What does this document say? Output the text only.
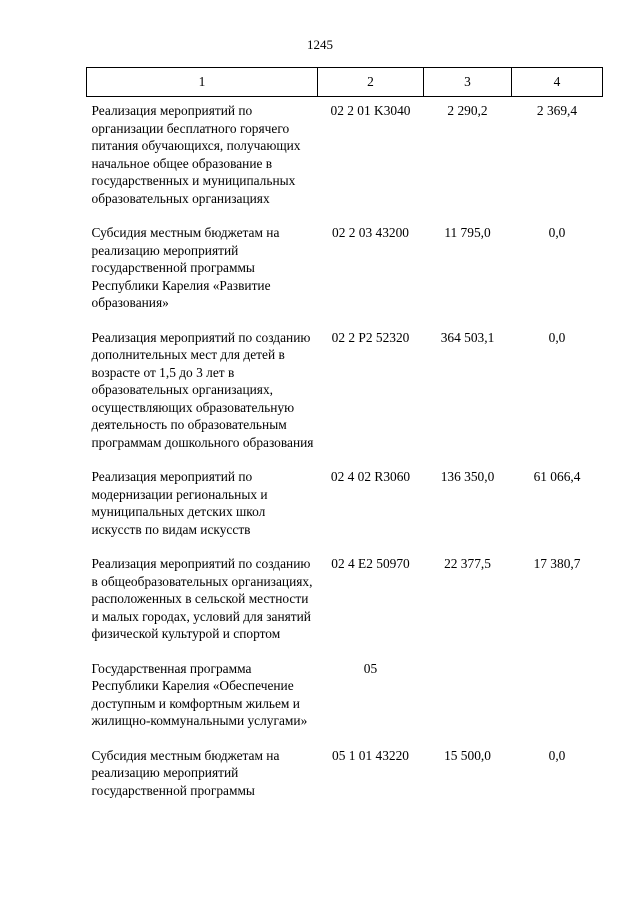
1245
1	2	3	4
Реализация мероприятий по организации бесплатного горячего питания обучающихся, получающих начальное общее образование в государственных и муниципальных образовательных организациях	02 2 01 K3040	2 290,2	2 369,4
Субсидия местным бюджетам на реализацию мероприятий государственной программы Республики Карелия «Развитие образования»	02 2 03 43200	11 795,0	0,0
Реализация мероприятий по созданию дополнительных мест для детей в возрасте от 1,5 до 3 лет в образовательных организациях, осуществляющих образовательную деятельность по образовательным программам дошкольного образования	02 2 P2 52320	364 503,1	0,0
Реализация мероприятий по модернизации региональных и муниципальных детских школ искусств по видам искусств	02 4 02 R3060	136 350,0	61 066,4
Реализация мероприятий по созданию в общеобразовательных организациях, расположенных в сельской местности и малых городах, условий для занятий физической культурой и спортом	02 4 E2 50970	22 377,5	17 380,7
Государственная программа Республики Карелия «Обеспечение доступным и комфортным жильем и жилищно-коммунальными услугами»	05		
Субсидия местным бюджетам на реализацию мероприятий государственной программы	05 1 01 43220	15 500,0	0,0
